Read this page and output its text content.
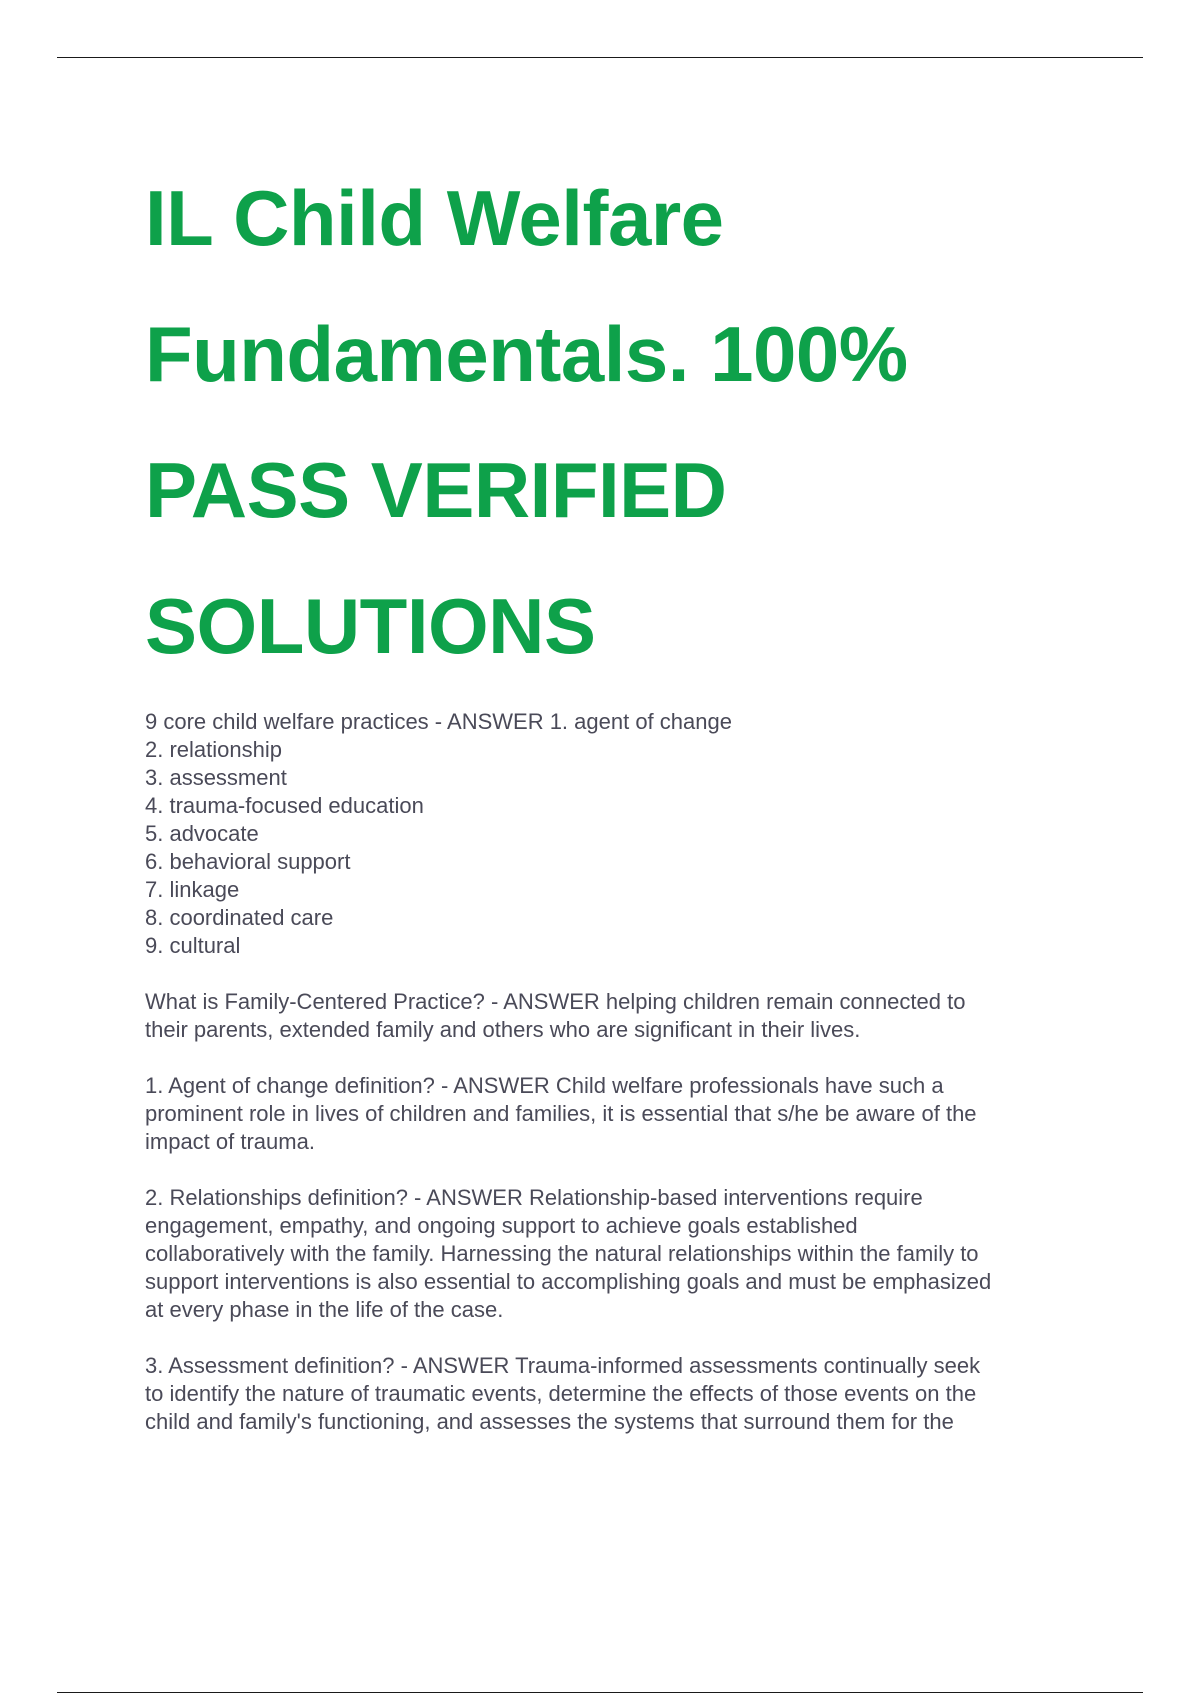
IL Child Welfare
Fundamentals. 100%
PASS VERIFIED
SOLUTIONS

9 core child welfare practices - ANSWER 1. agent of change
2. relationship
3. assessment
4. trauma-focused education
5. advocate
6. behavioral support
7. linkage
8. coordinated care
9. cultural

What is Family-Centered Practice? - ANSWER helping children remain connected to
their parents, extended family and others who are significant in their lives.

1. Agent of change definition? - ANSWER Child welfare professionals have such a
prominent role in lives of children and families, it is essential that s/he be aware of the
impact of trauma.

2. Relationships definition? - ANSWER Relationship-based interventions require
engagement, empathy, and ongoing support to achieve goals established
collaboratively with the family. Harnessing the natural relationships within the family to
support interventions is also essential to accomplishing goals and must be emphasized
at every phase in the life of the case.

3. Assessment definition? - ANSWER Trauma-informed assessments continually seek
to identify the nature of traumatic events, determine the effects of those events on the
child and family's functioning, and assesses the systems that surround them for the
